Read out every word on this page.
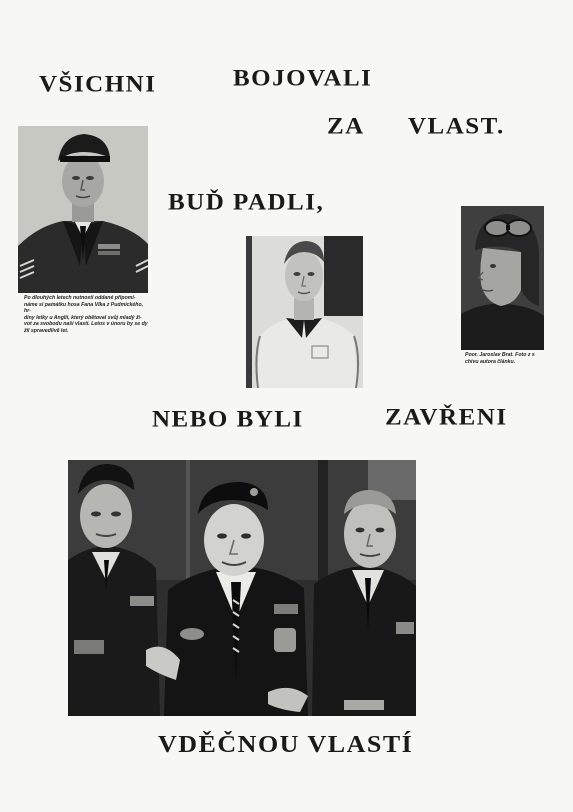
VŠICHNI	BOJOVALI
ZA VLAST.
BUĎ PADLI,
NEBO BYLI	ZAVŘENI
VDĚČNOU VLASTÍ
Po dlouhých letech nutnosti oddané připomí-
náme si památku hosa Fana Vlka z Pudmického, hr-
diny letky u Anglii, který obětoval svůj mladý ži-
vot za svobodu naší vlasti. Letos v únoru by se dy
žil spravedlivě let.
Poor. Jaroslav Brat. Foto z s
chivu autora článku.
